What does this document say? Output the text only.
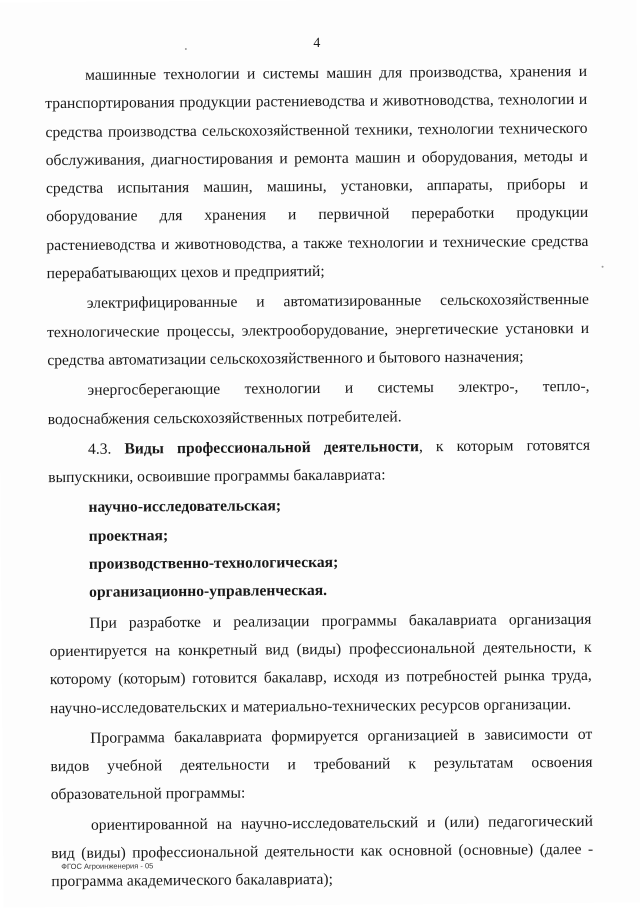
4

машинные технологии и системы машин для производства, хранения и транспортирования продукции растениеводства и животноводства, технологии и средства производства сельскохозяйственной техники, технологии технического обслуживания, диагностирования и ремонта машин и оборудования, методы и средства испытания машин, машины, установки, аппараты, приборы и оборудование для хранения и первичной переработки продукции растениеводства и животноводства, а также технологии и технические средства перерабатывающих цехов и предприятий;

электрифицированные и автоматизированные сельскохозяйственные технологические процессы, электрооборудование, энергетические установки и средства автоматизации сельскохозяйственного и бытового назначения;

энергосберегающие технологии и системы электро-, тепло-, водоснабжения сельскохозяйственных потребителей.

4.3. Виды профессиональной деятельности, к которым готовятся выпускники, освоившие программы бакалавриата:

научно-исследовательская;

проектная;

производственно-технологическая;

организационно-управленческая.

При разработке и реализации программы бакалавриата организация ориентируется на конкретный вид (виды) профессиональной деятельности, к которому (которым) готовится бакалавр, исходя из потребностей рынка труда, научно-исследовательских и материально-технических ресурсов организации.

Программа бакалавриата формируется организацией в зависимости от видов учебной деятельности и требований к результатам освоения образовательной программы:

ориентированной на научно-исследовательский и (или) педагогический вид (виды) профессиональной деятельности как основной (основные) (далее - программа академического бакалавриата);

ФГОС Агроинженерия - 05
